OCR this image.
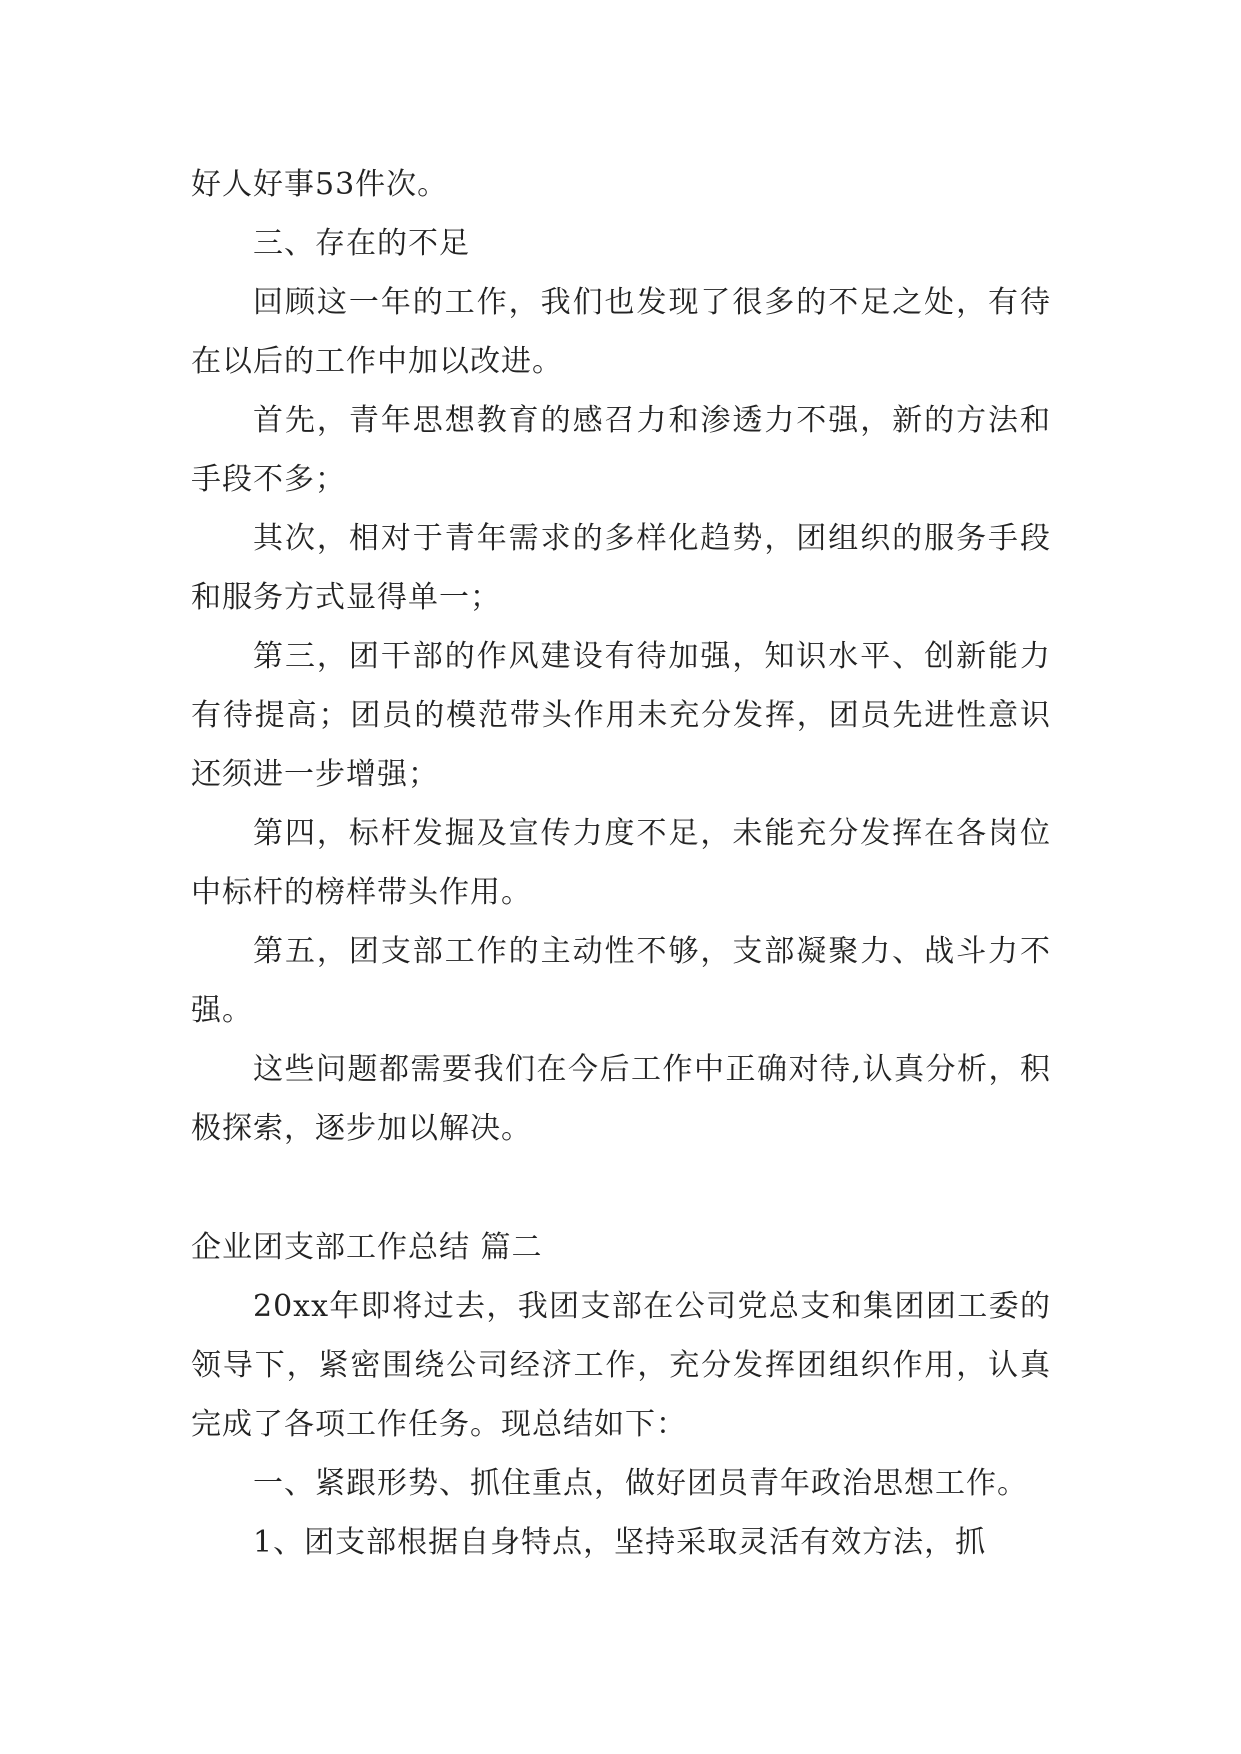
好人好事53件次。

三、存在的不足

回顾这一年的工作，我们也发现了很多的不足之处，有待在以后的工作中加以改进。

首先，青年思想教育的感召力和渗透力不强，新的方法和手段不多；

其次，相对于青年需求的多样化趋势，团组织的服务手段和服务方式显得单一；

第三，团干部的作风建设有待加强，知识水平、创新能力有待提高；团员的模范带头作用未充分发挥，团员先进性意识还须进一步增强；

第四，标杆发掘及宣传力度不足，未能充分发挥在各岗位中标杆的榜样带头作用。

第五，团支部工作的主动性不够，支部凝聚力、战斗力不强。

这些问题都需要我们在今后工作中正确对待,认真分析，积极探索，逐步加以解决。

企业团支部工作总结 篇二

20xx年即将过去，我团支部在公司党总支和集团团工委的领导下，紧密围绕公司经济工作，充分发挥团组织作用，认真完成了各项工作任务。现总结如下：

一、紧跟形势、抓住重点，做好团员青年政治思想工作。

1、团支部根据自身特点，坚持采取灵活有效方法，抓
